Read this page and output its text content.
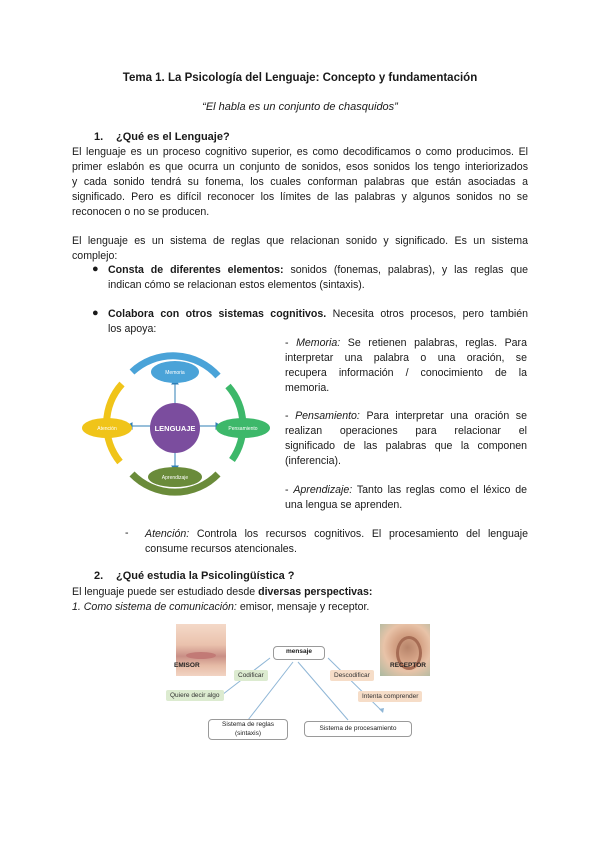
Tema 1. La Psicología del Lenguaje: Concepto y fundamentación
“El habla es un conjunto de chasquidos”
1. ¿Qué es el Lenguaje?
El lenguaje es un proceso cognitivo superior, es como decodificamos o como producimos. El
primer eslabón es que ocurra un conjunto de sonidos, esos sonidos los tengo interiorizados
y cada sonido tendrá su fonema, los cuales conforman palabras que están asociadas a
significado. Pero es difícil reconocer los límites de las palabras y algunos sonidos no se
reconocen o no se producen.
El lenguaje es un sistema de reglas que relacionan sonido y significado. Es un sistema
complejo:
● Consta de diferentes elementos: sonidos (fonemas, palabras), y las reglas que
indican cómo se relacionan estos elementos (sintaxis).
● Colabora con otros sistemas cognitivos. Necesita otros procesos, pero también
los apoya:
LENGUAJE
Memoria
Pensamiento
Aprendizaje
Atención
- Memoria: Se retienen palabras, reglas. Para
interpretar una palabra o una oración, se
recupera información / conocimiento de la
memoria.
- Pensamiento: Para interpretar una oración se
realizan operaciones para relacionar el
significado de las palabras que la componen
(inferencia).
- Aprendizaje: Tanto las reglas como el léxico de
una lengua se aprenden.
- Atención: Controla los recursos cognitivos. El procesamiento del lenguaje
consume recursos atencionales.
2. ¿Qué estudia la Psicolingüística ?
El lenguaje puede ser estudiado desde diversas perspectivas:
1. Como sistema de comunicación: emisor, mensaje y receptor.
EMISOR	RECEPTOR
mensaje
Codificar	Descodificar
Quiere decir algo	Intenta comprender
Sistema de reglas
(sintaxis)
Sistema de procesamiento
